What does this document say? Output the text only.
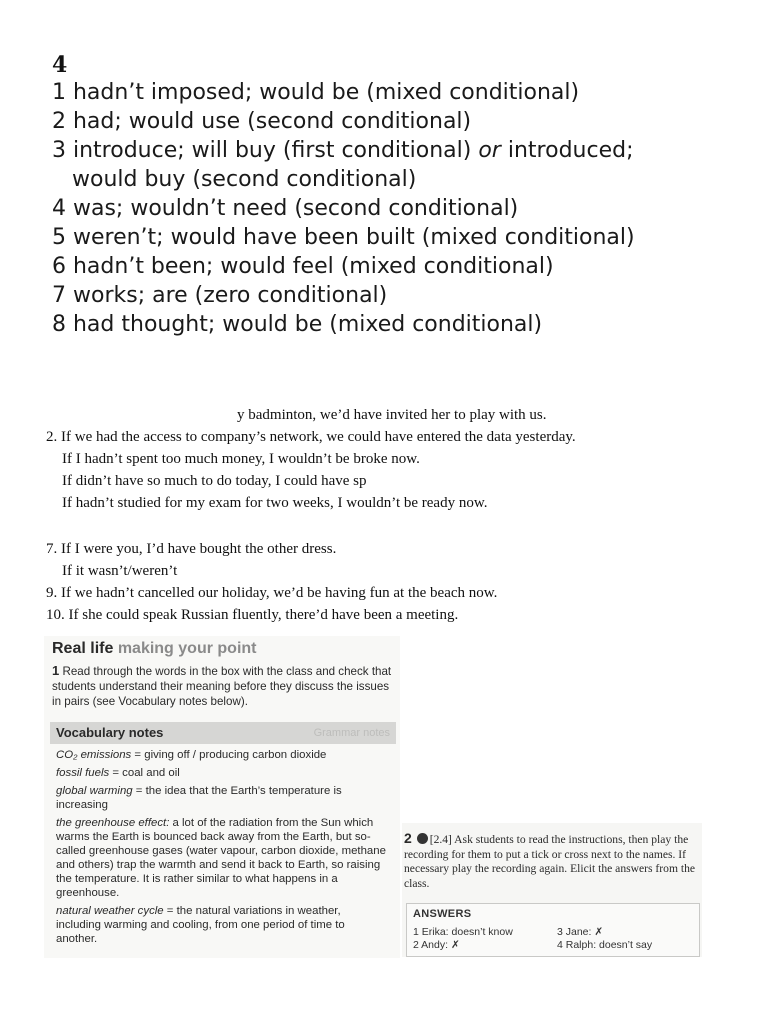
4
1 hadn’t imposed; would be (mixed conditional)
2 had; would use (second conditional)
3 introduce; will buy (first conditional) or introduced;
would buy (second conditional)
4 was; wouldn’t need (second conditional)
5 weren’t; would have been built (mixed conditional)
6 hadn’t been; would feel (mixed conditional)
7 works; are (zero conditional)
8 had thought; would be (mixed conditional)
y badminton, we’d have invited her to play with us.
2. If we had the access to company’s network, we could have entered the data yesterday.
If I hadn’t spent too much money, I wouldn’t be broke now.
If didn’t have so much to do today, I could have sp
If hadn’t studied for my exam for two weeks, I wouldn’t be ready now.
7. If I were you, I’d have bought the other dress.
If it wasn’t/weren’t
9. If we hadn’t cancelled our holiday, we’d be having fun at the beach now.
10. If she could speak Russian fluently, there’d have been a meeting.
Real life making your point
1 Read through the words in the box with the class and check that students understand their meaning before they discuss the issues in pairs (see Vocabulary notes below).
Vocabulary notes	Grammar notes
CO₂ emissions = giving off / producing carbon dioxide
fossil fuels = coal and oil
global warming = the idea that the Earth’s temperature is increasing
the greenhouse effect: a lot of the radiation from the Sun which warms the Earth is bounced back away from the Earth, but so-called greenhouse gases (water vapour, carbon dioxide, methane and others) trap the warmth and send it back to Earth, so raising the temperature. It is rather similar to what happens in a greenhouse.
natural weather cycle = the natural variations in weather, including warming and cooling, from one period of time to another.
2 [2.4] Ask students to read the instructions, then play the recording for them to put a tick or cross next to the names. If necessary play the recording again. Elicit the answers from the class.
ANSWERS
1 Erika: doesn’t know	3 Jane: ✗
2 Andy: ✗	4 Ralph: doesn’t say
